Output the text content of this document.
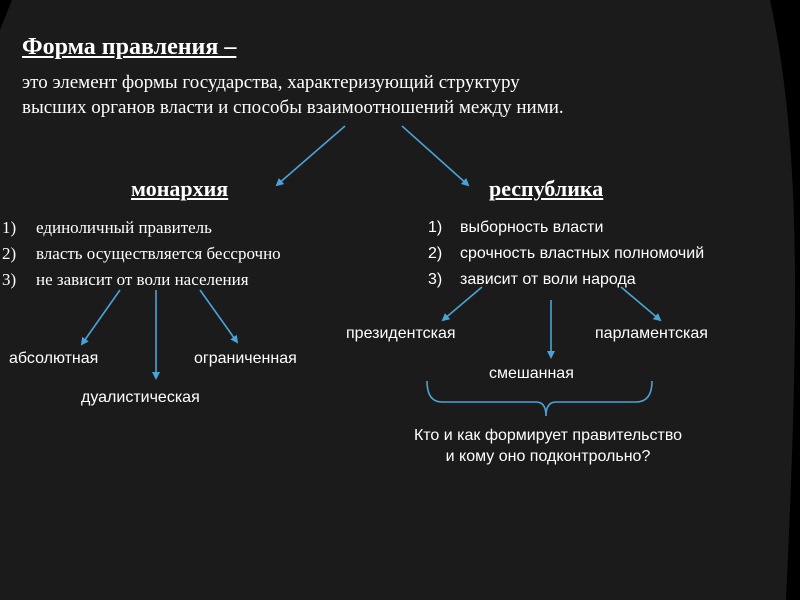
Форма правления –
это элемент формы государства, характеризующий структуру
высших органов власти и способы взаимоотношений между ними.
монархия
1) единоличный правитель
2) власть осуществляется бессрочно
3) не зависит от воли населения
абсолютная
дуалистическая
ограниченная
республика
1) выборность власти
2) срочность властных полномочий
3) зависит от воли народа
президентская
смешанная
парламентская
Кто и как формирует правительство
и кому оно подконтрольно?
